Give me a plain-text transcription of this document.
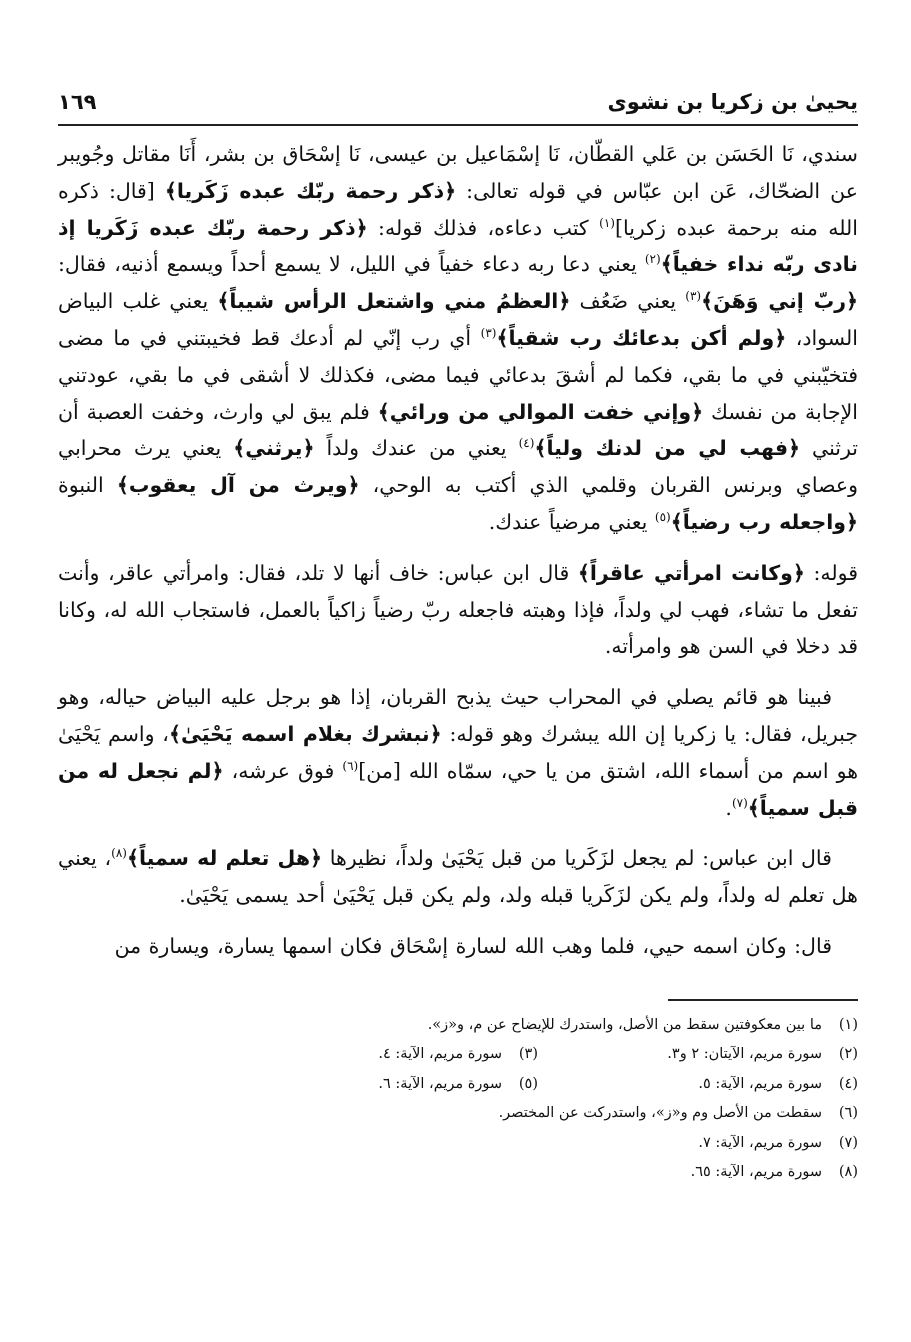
يحيىٰ بن زكريا بن نشوى
١٦٩

سندي، نَا الحَسَن بن عَلي القطّان، نَا إسْمَاعيل بن عيسى، نَا إسْحَاق بن بشر، أَنَا مقاتل وجُويبر عن الضحّاك، عَن ابن عبّاس في قوله تعالى: ﴿ذكر رحمة ربّك عبده زَكَريا﴾ [قال: ذكره الله منه برحمة عبده زكريا]$^{(١)}$ كتب دعاءه، فذلك قوله: ﴿ذكر رحمة ربّك عبده زَكَريا إذ نادى ربّه نداء خفياً﴾$^{(٢)}$ يعني دعا ربه دعاء خفياً في الليل، لا يسمع أحداً ويسمع أذنيه، فقال: ﴿ربّ إني وَهَنَ﴾$^{(٣)}$ يعني ضَعُف ﴿العظمُ مني واشتعل الرأس شيباً﴾ يعني غلب البياض السواد، ﴿ولم أكن بدعائك رب شقياً﴾$^{(٣)}$ أي رب إنّي لم أدعك قط فخيبتني في ما مضى فتخيّبني في ما بقي، فكما لم أشقَ بدعائي فيما مضى، فكذلك لا أشقى في ما بقي، عودتني الإجابة من نفسك ﴿وإني خفت الموالي من ورائي﴾ فلم يبق لي وارث، وخفت العصبة أن ترثني ﴿فهب لي من لدنك ولياً﴾$^{(٤)}$ يعني من عندك ولداً ﴿يرثني﴾ يعني يرث محرابي وعصاي وبرنس القربان وقلمي الذي أكتب به الوحي، ﴿ويرث من آل يعقوب﴾ النبوة ﴿واجعله رب رضياً﴾$^{(٥)}$ يعني مرضياً عندك.

قوله: ﴿وكانت امرأتي عاقراً﴾ قال ابن عباس: خاف أنها لا تلد، فقال: وامرأتي عاقر، وأنت تفعل ما تشاء، فهب لي ولداً، فإذا وهبته فاجعله ربّ رضياً زاكياً بالعمل، فاستجاب الله له، وكانا قد دخلا في السن هو وامرأته.

فبينا هو قائم يصلي في المحراب حيث يذبح القربان، إذا هو برجل عليه البياض حياله، وهو جبريل، فقال: يا زكريا إن الله يبشرك وهو قوله: ﴿نبشرك بغلام اسمه يَحْيَىٰ﴾، واسم يَحْيَىٰ هو اسم من أسماء الله، اشتق من يا حي، سمّاه الله [من]$^{(٦)}$ فوق عرشه، ﴿لم نجعل له من قبل سمياً﴾$^{(٧)}$.

قال ابن عباس: لم يجعل لزَكَريا من قبل يَحْيَىٰ ولداً، نظيرها ﴿هل تعلم له سمياً﴾$^{(٨)}$، يعني هل تعلم له ولداً، ولم يكن لزَكَريا قبله ولد، ولم يكن قبل يَحْيَىٰ أحد يسمى يَحْيَىٰ.

قال: وكان اسمه حيي، فلما وهب الله لسارة إسْحَاق فكان اسمها يسارة، ويسارة من

(١)
ما بين معكوفتين سقط من الأصل، واستدرك للإيضاح عن م، و«ز».
(٢)
سورة مريم، الآيتان: ٢ و٣.
(٣)
سورة مريم، الآية: ٤.
(٤)
سورة مريم، الآية: ٥.
(٥)
سورة مريم، الآية: ٦.
(٦)
سقطت من الأصل وم و«ز»، واستدركت عن المختصر.
(٧)
سورة مريم، الآية: ٧.
(٨)
سورة مريم، الآية: ٦٥.
